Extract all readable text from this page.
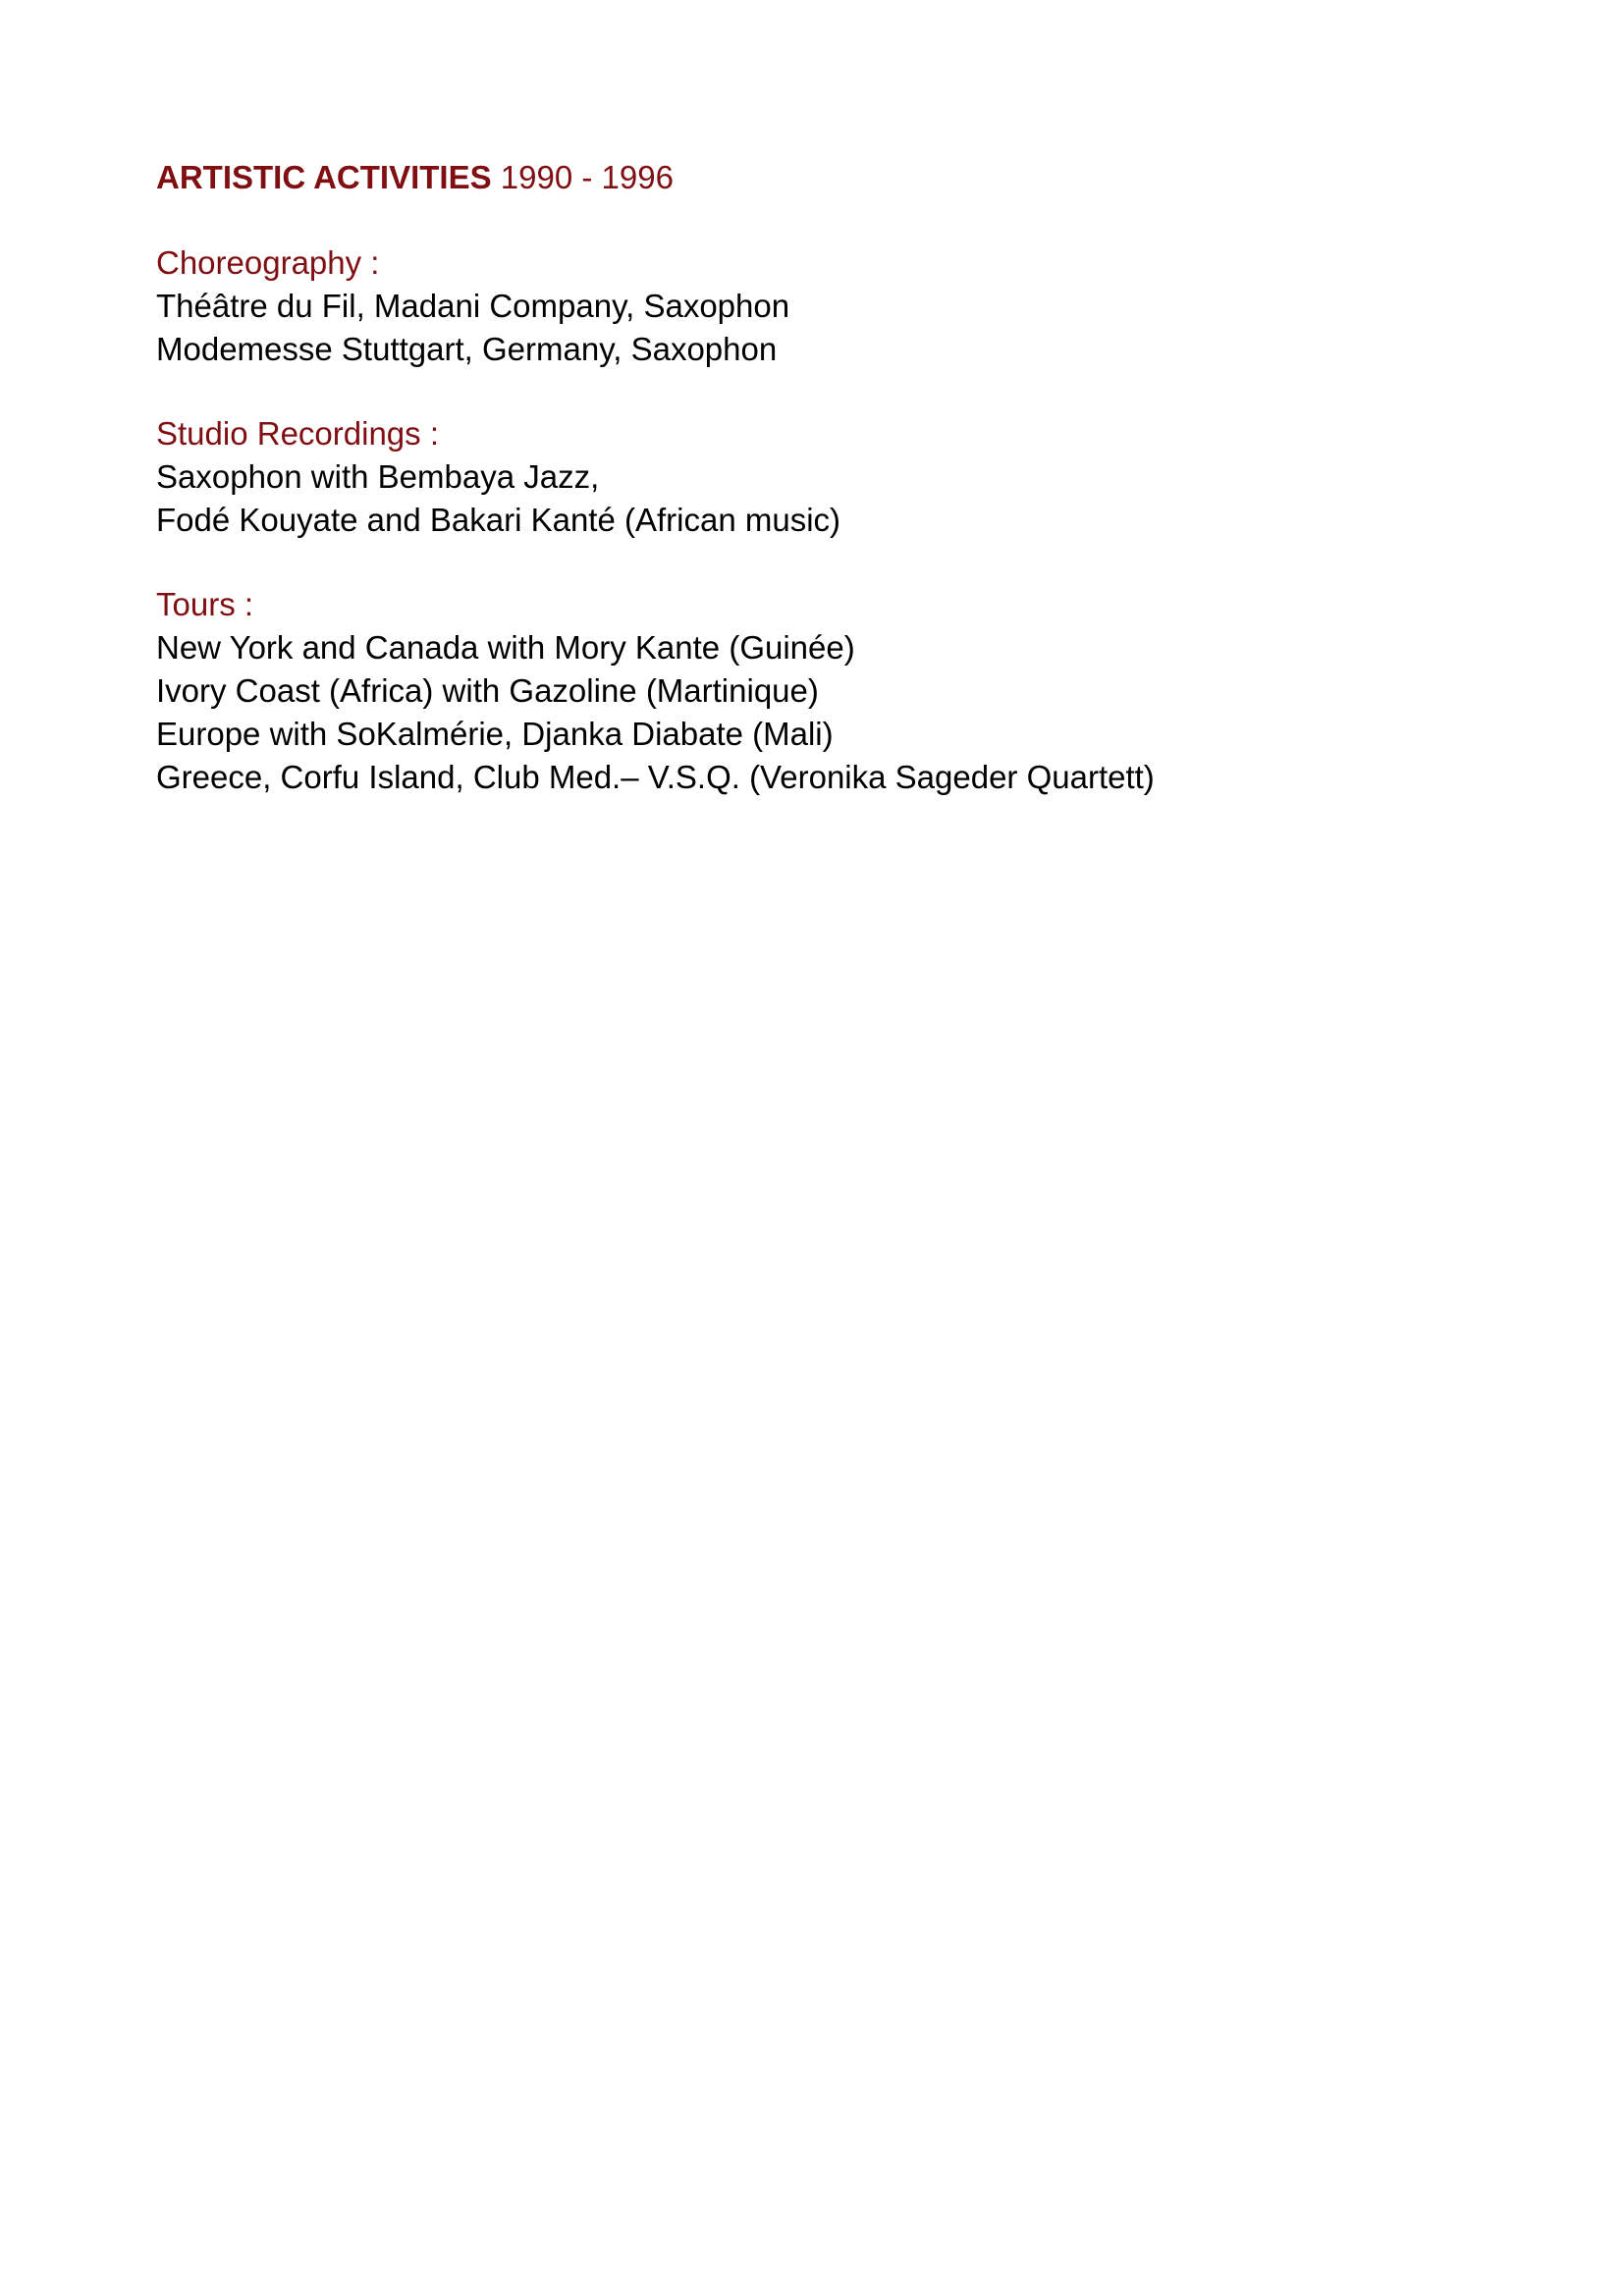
ARTISTIC ACTIVITIES 1990 - 1996
Choreography :
Théâtre du Fil, Madani Company, Saxophon
Modemesse Stuttgart, Germany, Saxophon
Studio Recordings :
Saxophon with Bembaya Jazz,
Fodé Kouyate and Bakari Kanté (African music)
Tours :
New York and Canada with Mory Kante (Guinée)
Ivory Coast (Africa) with Gazoline (Martinique)
Europe with SoKalmérie, Djanka Diabate (Mali)
Greece, Corfu Island, Club Med.– V.S.Q. (Veronika Sageder Quartett)
